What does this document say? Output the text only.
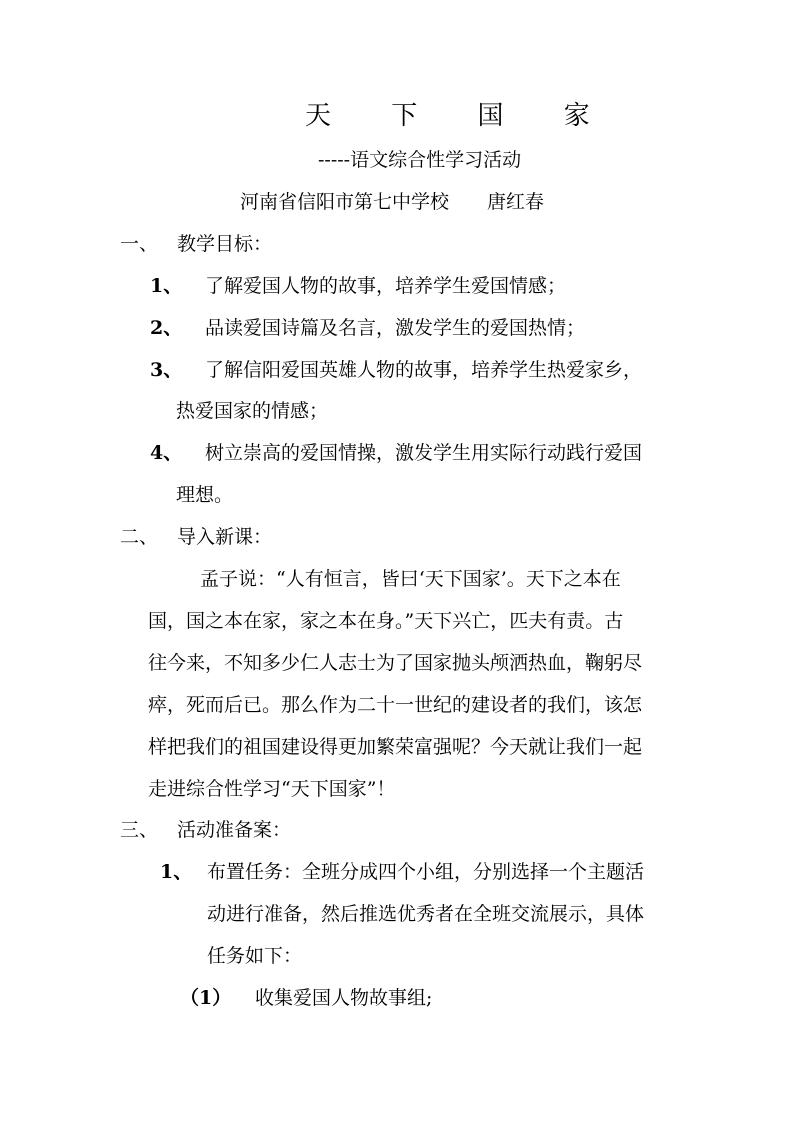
天 下 国 家
-----语文综合性学习活动
河南省信阳市第七中学校　　唐红春
一、 教学目标：
1、 了解爱国人物的故事，培养学生爱国情感；
2、 品读爱国诗篇及名言，激发学生的爱国热情；
3、 了解信阳爱国英雄人物的故事，培养学生热爱家乡，
热爱国家的情感；
4、 树立崇高的爱国情操，激发学生用实际行动践行爱国
理想。
二、 导入新课：
孟子说：“人有恒言，皆曰‘天下国家’。天下之本在
国，国之本在家，家之本在身。”天下兴亡，匹夫有责。古
往今来，不知多少仁人志士为了国家抛头颅洒热血，鞠躬尽
瘁，死而后已。那么作为二十一世纪的建设者的我们，该怎
样把我们的祖国建设得更加繁荣富强呢？今天就让我们一起
走进综合性学习“天下国家”！
三、 活动准备案：
1、 布置任务：全班分成四个小组，分别选择一个主题活
动进行准备，然后推选优秀者在全班交流展示，具体
任务如下：
（1） 收集爱国人物故事组;
